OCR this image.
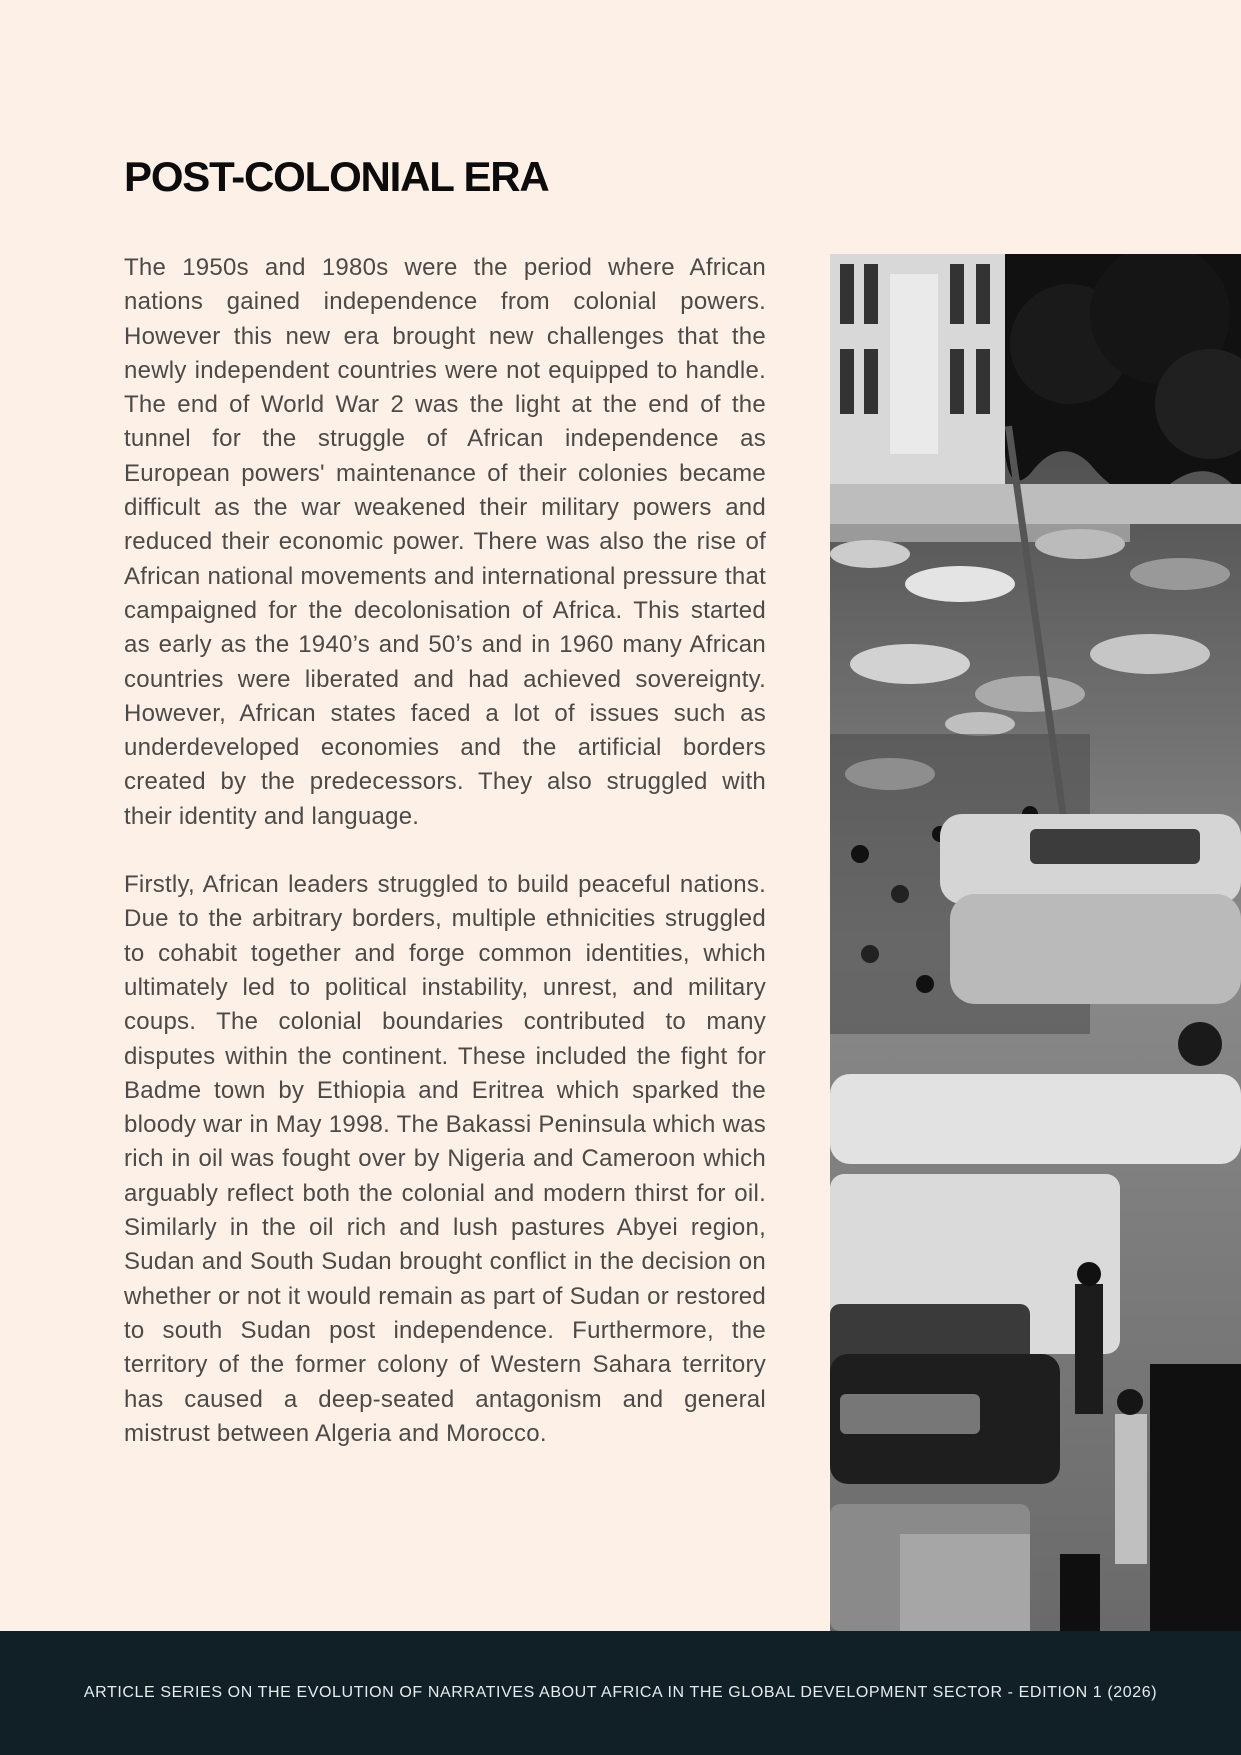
POST-COLONIAL ERA

The 1950s and 1980s were the period where African nations gained independence from colonial powers. However this new era brought new challenges that the newly independent countries were not equipped to handle. The end of World War 2 was the light at the end of the tunnel for the struggle of African independence as European powers' maintenance of their colonies became difficult as the war weakened their military powers and reduced their economic power. There was also the rise of African national movements and international pressure that campaigned for the decolonisation of Africa. This started as early as the 1940’s and 50’s and in 1960 many African countries were liberated and had achieved sovereignty. However, African states faced a lot of issues such as underdeveloped economies and the artificial borders created by the predecessors. They also struggled with their identity and language.

Firstly, African leaders struggled to build peaceful nations. Due to the arbitrary borders, multiple ethnicities struggled to cohabit together and forge common identities, which ultimately led to political instability, unrest, and military coups. The colonial boundaries contributed to many disputes within the continent. These included the fight for Badme town by Ethiopia and Eritrea which sparked the bloody war in May 1998. The Bakassi Peninsula which was rich in oil was fought over by Nigeria and Cameroon which arguably reflect both the colonial and modern thirst for oil. Similarly in the oil rich and lush pastures Abyei region, Sudan and South Sudan brought conflict in the decision on whether or not it would remain as part of Sudan or restored to south Sudan post independence. Furthermore, the territory of the former colony of Western Sahara territory has caused a deep-seated antagonism and general mistrust between Algeria and Morocco.

ARTICLE SERIES ON THE EVOLUTION OF NARRATIVES ABOUT AFRICA IN THE GLOBAL DEVELOPMENT SECTOR - EDITION 1 (2026)
